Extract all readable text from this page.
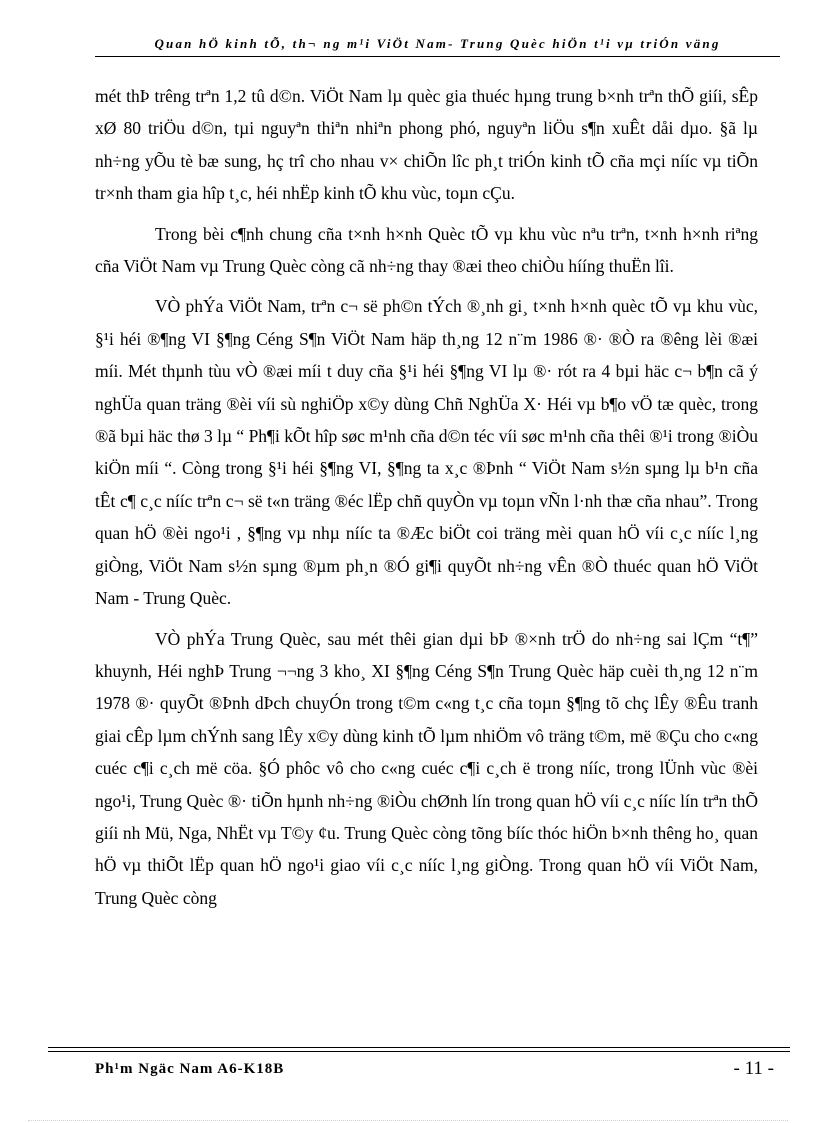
Quan hÖ kinh tÕ, th¬ ng m¹i ViÖt Nam- Trung Quèc hiÖn t¹i vµ triÓn väng

mét thÞ trêng trªn 1,2 tû d©n. ViÖt Nam lµ quèc gia thuéc hµng trung b×nh trªn thÕ giíi, sÊp xØ 80 triÖu d©n, tµi nguyªn thiªn nhiªn phong phó, nguyªn liÖu s¶n xuÊt dåi dµo. §ã lµ nh÷ng yÕu tè bæ sung, hç trî cho nhau v× chiÕn lîc ph¸t triÓn kinh tÕ cña mçi nííc vµ tiÕn tr×nh tham gia hîp t¸c, héi nhËp kinh tÕ khu vùc, toµn cÇu.

Trong bèi c¶nh chung cña t×nh h×nh Quèc tÕ vµ khu vùc nªu trªn, t×nh h×nh riªng cña ViÖt Nam vµ Trung Quèc còng cã nh÷ng thay ®æi theo chiÒu hííng thuËn lîi.

VÒ phÝa ViÖt Nam, trªn c¬ së ph©n tÝch ®¸nh gi¸ t×nh h×nh quèc tÕ vµ khu vùc, §¹i héi ®¶ng VI §¶ng Céng S¶n ViÖt Nam häp th¸ng 12 n¨m 1986 ®· ®Ò ra ®êng lèi ®æi míi. Mét thµnh tùu vÒ ®æi míi t duy cña §¹i héi §¶ng VI lµ ®· rót ra 4 bµi häc c¬ b¶n cã ý nghÜa quan träng ®èi víi sù nghiÖp x©y dùng Chñ NghÜa X· Héi vµ b¶o vÖ tæ quèc, trong ®ã bµi häc thø 3 lµ “ Ph¶i kÕt hîp søc m¹nh cña d©n téc víi søc m¹nh cña thêi ®¹i trong ®iÒu kiÖn míi “. Còng trong §¹i héi §¶ng VI, §¶ng ta x¸c ®Þnh “ ViÖt Nam s½n sµng lµ b¹n cña tÊt c¶ c¸c nííc trªn c¬ së t«n träng ®éc lËp chñ quyÒn vµ toµn vÑn l·nh thæ cña nhau”. Trong quan hÖ ®èi ngo¹i , §¶ng vµ nhµ nííc ta ®Æc biÖt coi träng mèi quan hÖ víi c¸c nííc l¸ng giÒng, ViÖt Nam s½n sµng ®µm ph¸n ®Ó gi¶i quyÕt nh÷ng vÊn ®Ò thuéc quan hÖ ViÖt Nam - Trung Quèc.

VÒ phÝa Trung Quèc, sau mét thêi gian dµi bÞ ®×nh trÖ do nh÷ng sai lÇm “t¶” khuynh, Héi nghÞ Trung ¬¬ng 3 kho¸ XI §¶ng Céng S¶n Trung Quèc häp cuèi th¸ng 12 n¨m 1978 ®· quyÕt ®Þnh dÞch chuyÓn trong t©m c«ng t¸c cña toµn §¶ng tõ chç lÊy ®Êu tranh giai cÊp lµm chÝnh sang lÊy x©y dùng kinh tÕ lµm nhiÖm vô träng t©m, më ®Çu cho c«ng cuéc c¶i c¸ch më cöa. §Ó phôc vô cho c«ng cuéc c¶i c¸ch ë trong nííc, trong lÜnh vùc ®èi ngo¹i, Trung Quèc ®· tiÕn hµnh nh÷ng ®iÒu chØnh lín trong quan hÖ víi c¸c nííc lín trªn thÕ giíi nh Mü, Nga, NhËt vµ T©y ¢u. Trung Quèc còng tõng bííc thóc hiÖn b×nh thêng ho¸ quan hÖ vµ thiÕt lËp quan hÖ ngo¹i giao víi c¸c nííc l¸ng giÒng. Trong quan hÖ víi ViÖt Nam, Trung Quèc còng

Ph¹m Ngäc Nam A6-K18B	- 11 -
